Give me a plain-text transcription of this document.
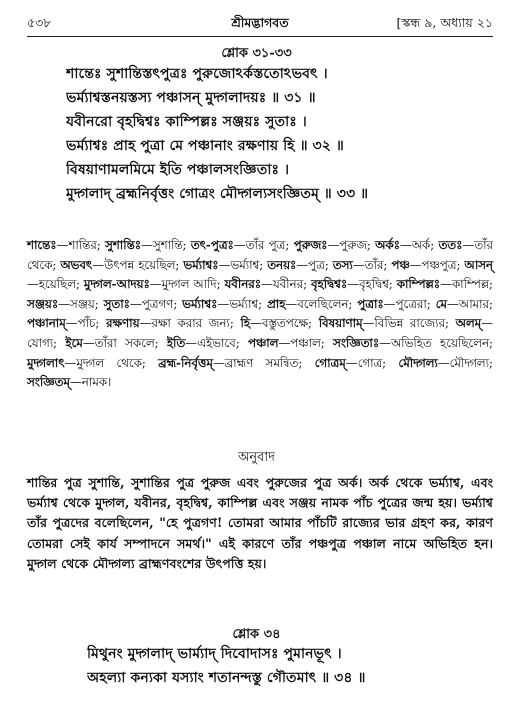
৫৩৮	শ্রীমদ্ভাগবত	[স্কন্ধ ৯, অধ্যায় ২১
শ্লোক ৩১-৩৩
শান্তেঃ সুশান্তিস্তৎপুত্রঃ পুরুজোঽর্কস্ততোঽভবৎ ।
ভর্ম্যাশ্বস্তনয়স্তস্য পঞ্চাসন্ মুদ্গলাদয়ঃ ॥ ৩১ ॥
যবীনরো বৃহদ্বিশ্বঃ কাম্পিল্লঃ সঞ্জয়ঃ সুতাঃ ।
ভর্ম্যাশ্বঃ প্রাহ পুত্রা মে পঞ্চানাং রক্ষণায় হি ॥ ৩২ ॥
বিষয়াণামলমিমে ইতি পঞ্চালসংজ্ঞিতাঃ ।
মুদ্গলাদ্ ব্রহ্মনির্বৃত্তং গোত্রং মৌদ্গল্যসংজ্ঞিতম্ ॥ ৩৩ ॥
শান্তেঃ—শান্তির; সুশান্তিঃ—সুশান্তি; তৎ-পুত্রঃ—তাঁর পুত্র; পুরুজঃ—পুরুজ; অর্কঃ—অর্ক; ততঃ—তাঁর থেকে; অভবৎ—উৎপন্ন হয়েছিল; ভর্ম্যাশ্বঃ—ভর্ম্যাশ্ব; তনয়ঃ—পুত্র; তস্য—তাঁর; পঞ্চ—পঞ্চপুত্র; আসন্—হয়েছিল; মুদ্গল-আদয়ঃ—মুদ্গল আদি; যবীনরঃ—যবীনর; বৃহদ্বিশ্বঃ—বৃহদ্বিশ্ব; কাম্পিল্লঃ—কাম্পিল্ল; সঞ্জয়ঃ—সঞ্জয়; সুতাঃ—পুত্রগণ; ভর্ম্যাশ্বঃ—ভর্ম্যাশ্ব; প্রাহ—বলেছিলেন; পুত্রাঃ—পুত্রেরা; মে—আমার; পঞ্চানাম্—পাঁচ; রক্ষণায়—রক্ষা করার জন্য; হি—বস্তুতপক্ষে; বিষয়াণাম্—বিভিন্ন রাজ্যের; অলম্—যোগ্য; ইমে—তাঁরা সকলে; ইতি—এইভাবে; পঞ্চাল—পঞ্চাল; সংজ্ঞিতাঃ—অভিহিত হয়েছিলেন; মুদ্গলাৎ—মুদ্গল থেকে; ব্রহ্ম-নির্বৃত্তম্—ব্রাহ্মণ সমন্বিত; গোত্রম্—গোত্র; মৌদ্গল্য—মৌদ্গল্য; সংজ্ঞিতম্—নামক।
অনুবাদ
শান্তির পুত্র সুশান্তি, সুশান্তির পুত্র পুরুজ এবং পুরুজের পুত্র অর্ক। অর্ক থেকে ভর্ম্যাশ্ব, এবং ভর্ম্যাশ্ব থেকে মুদ্গল, যবীনর, বৃহদ্বিশ্ব, কাম্পিল্ল এবং সঞ্জয় নামক পাঁচ পুত্রের জন্ম হয়। ভর্ম্যাশ্ব তাঁর পুত্রদের বলেছিলেন, "হে পুত্রগণ! তোমরা আমার পাঁচটি রাজ্যের ভার গ্রহণ কর, কারণ তোমরা সেই কার্য সম্পাদনে সমর্থ।" এই কারণে তাঁর পঞ্চপুত্র পঞ্চাল নামে অভিহিত হন। মুদ্গল থেকে মৌদ্গল্য ব্রাহ্মণবংশের উৎপত্তি হয়।
শ্লোক ৩৪
মিথুনং মুদ্গলাদ্ ভার্ম্যাদ্ দিবোদাসঃ পুমানভূৎ ।
অহল্যা কন্যকা যস্যাং শতানন্দস্তু গৌতমাৎ ॥ ৩৪ ॥
